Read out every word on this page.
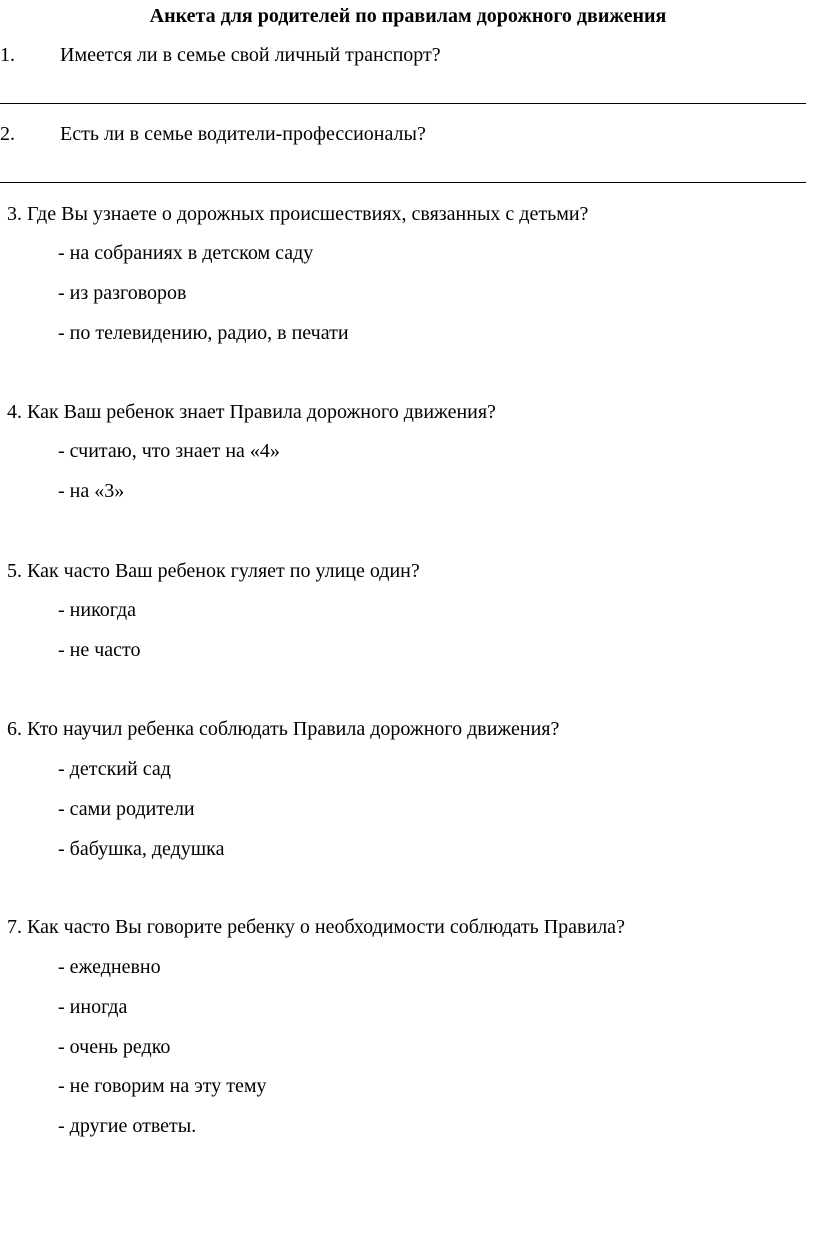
Анкета для родителей по правилам дорожного движения
1. Имеется ли в семье свой личный транспорт?
2. Есть ли в семье водители-профессионалы?
3. Где Вы узнаете о дорожных происшествиях, связанных с детьми?
- на собраниях в детском саду
- из разговоров
- по телевидению, радио, в печати
4. Как Ваш ребенок знает Правила дорожного движения?
- считаю, что знает на «4»
- на «3»
5. Как часто Ваш ребенок гуляет по улице один?
- никогда
- не часто
6. Кто научил ребенка соблюдать Правила дорожного движения?
- детский сад
- сами родители
- бабушка, дедушка
7. Как часто Вы говорите ребенку о необходимости соблюдать Правила?
- ежедневно
- иногда
- очень редко
- не говорим на эту тему
- другие ответы.
